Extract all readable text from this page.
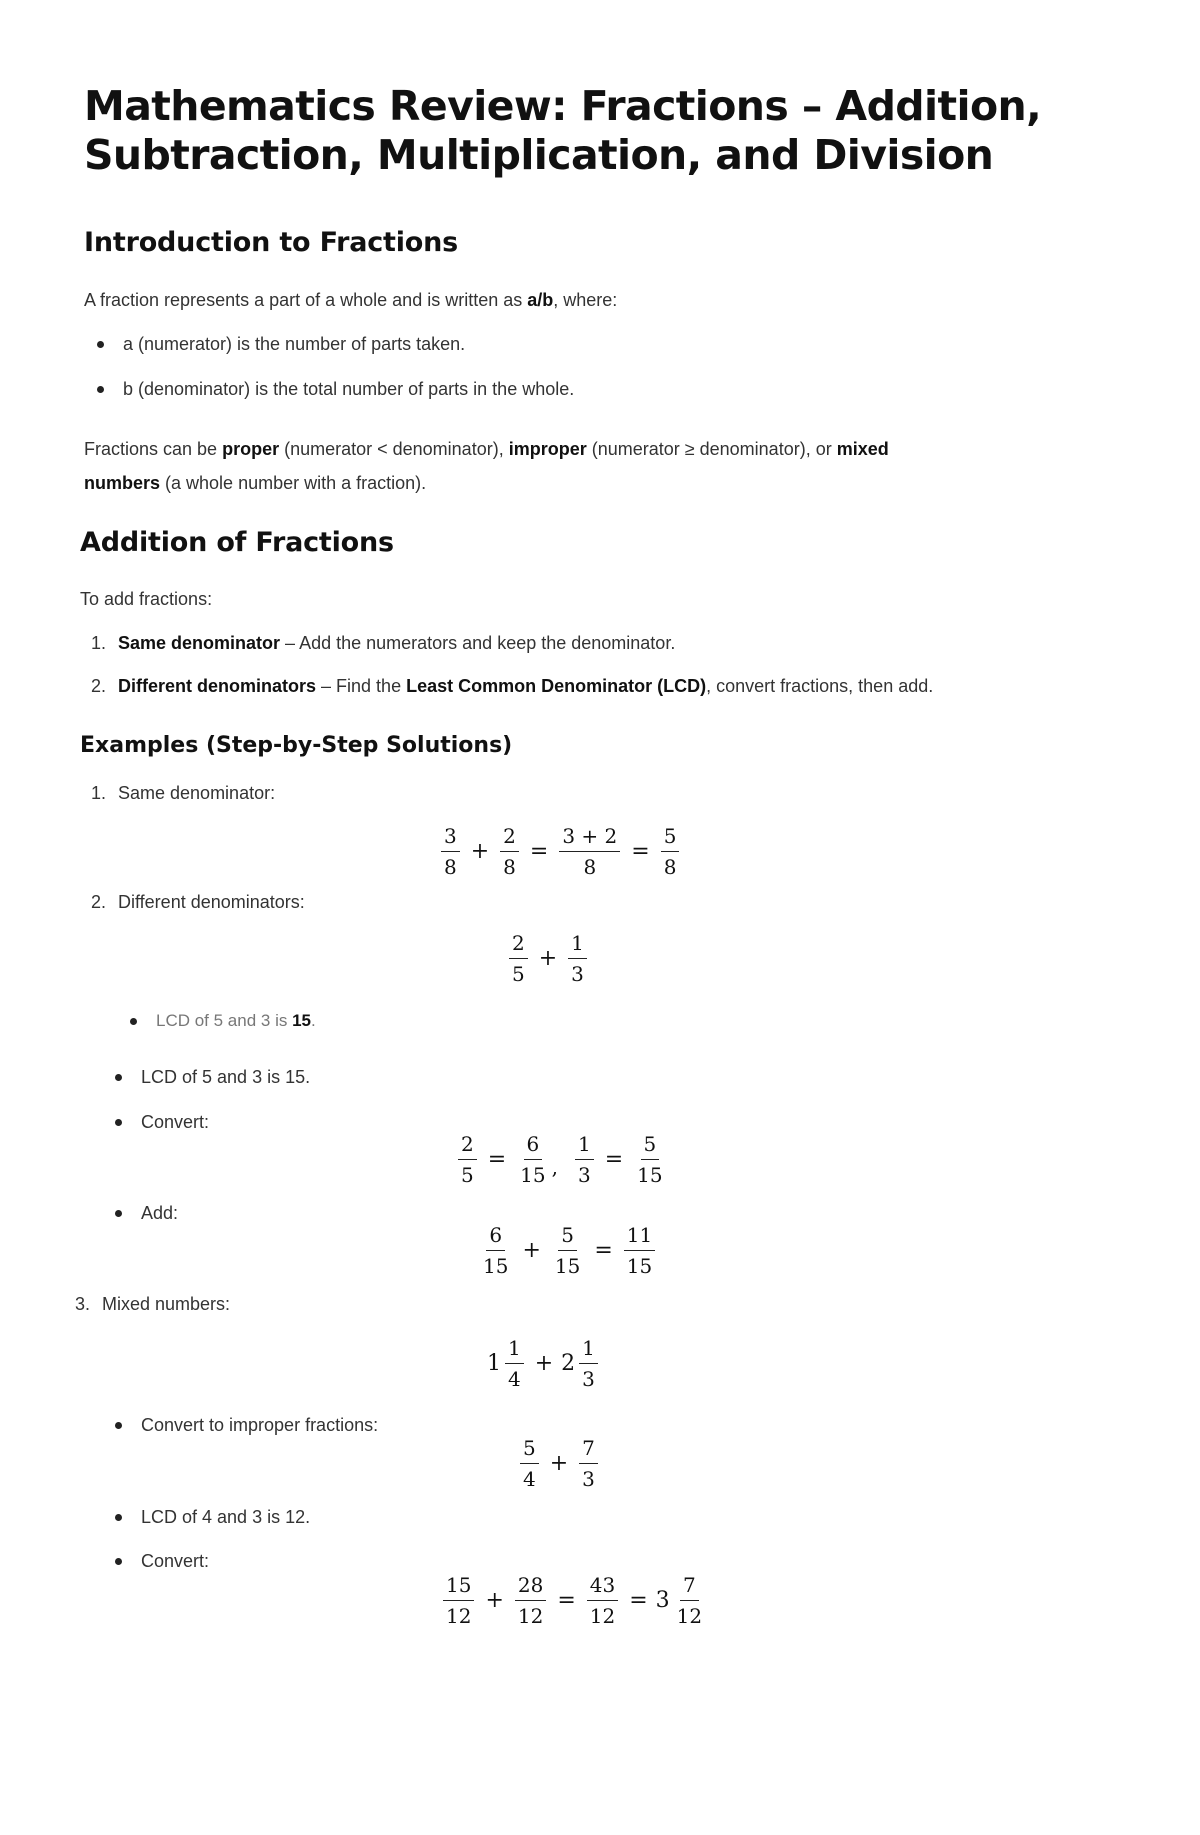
Mathematics Review: Fractions – Addition, Subtraction, Multiplication, and Division
Introduction to Fractions
A fraction represents a part of a whole and is written as a/b, where:
a (numerator) is the number of parts taken.
b (denominator) is the total number of parts in the whole.
Fractions can be proper (numerator < denominator), improper (numerator ≥ denominator), or mixed
numbers (a whole number with a fraction).
Addition of Fractions
To add fractions:
1. Same denominator – Add the numerators and keep the denominator.
2. Different denominators – Find the Least Common Denominator (LCD), convert fractions, then add.
Examples (Step-by-Step Solutions)
1. Same denominator:
$\frac{3}{8} + \frac{2}{8} = \frac{3 + 2}{8} = \frac{5}{8}$
2. Different denominators:
$\frac{2}{5} + \frac{1}{3}$
LCD of 5 and 3 is 15.
LCD of 5 and 3 is 15.
Convert:
$\frac{2}{5} = \frac{6}{15}$ , $\frac{1}{3} = \frac{5}{15}$
Add:
$\frac{6}{15} + \frac{5}{15} = \frac{11}{15}$
3. Mixed numbers:
$1 \frac{1}{4} + 2 \frac{1}{3}$
Convert to improper fractions:
$\frac{5}{4} + \frac{7}{3}$
LCD of 4 and 3 is 12.
Convert:
$\frac{15}{12} + \frac{28}{12} = \frac{43}{12} = 3 \frac{7}{12}$
